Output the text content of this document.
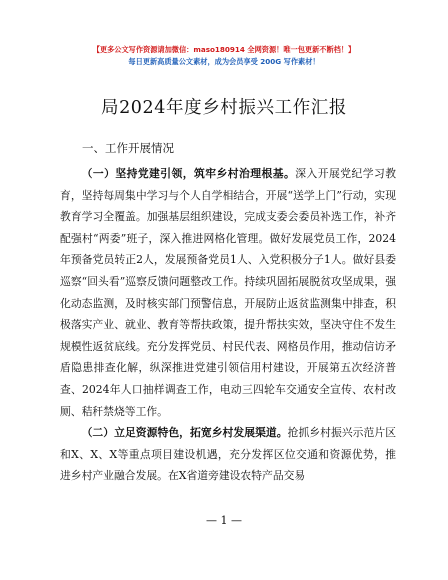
【更多公文写作资源请加微信：maso180914 全网资源！唯一包更新不断档！】
每日更新高质量公文素材，成为会员享受 200G 写作素材！
局2024年度乡村振兴工作汇报
一、工作开展情况

（一）坚持党建引领，筑牢乡村治理根基。深入开展党纪学习教育，坚持每周集中学习与个人自学相结合，开展“送学上门”行动，实现教育学习全覆盖。加强基层组织建设，完成支委会委员补选工作，补齐配强村“两委”班子，深入推进网格化管理。做好发展党员工作，2024年预备党员转正2人，发展预备党员1人、入党积极分子1人。做好县委巡察“回头看”巡察反馈问题整改工作。持续巩固拓展脱贫攻坚成果，强化动态监测，及时核实部门预警信息，开展防止返贫监测集中排查，积极落实产业、就业、教育等帮扶政策，提升帮扶实效，坚决守住不发生规模性返贫底线。充分发挥党员、村民代表、网格员作用，推动信访矛盾隐患排查化解，纵深推进党建引领信用村建设，开展第五次经济普查、2024年人口抽样调查工作，电动三四轮车交通安全宣传、农村改厕、秸秆禁烧等工作。

（二）立足资源特色，拓宽乡村发展渠道。抢抓乡村振兴示范片区和X、X、X等重点项目建设机遇，充分发挥区位交通和资源优势，推进乡村产业融合发展。在X省道旁建设农特产品交易

— 1 —
